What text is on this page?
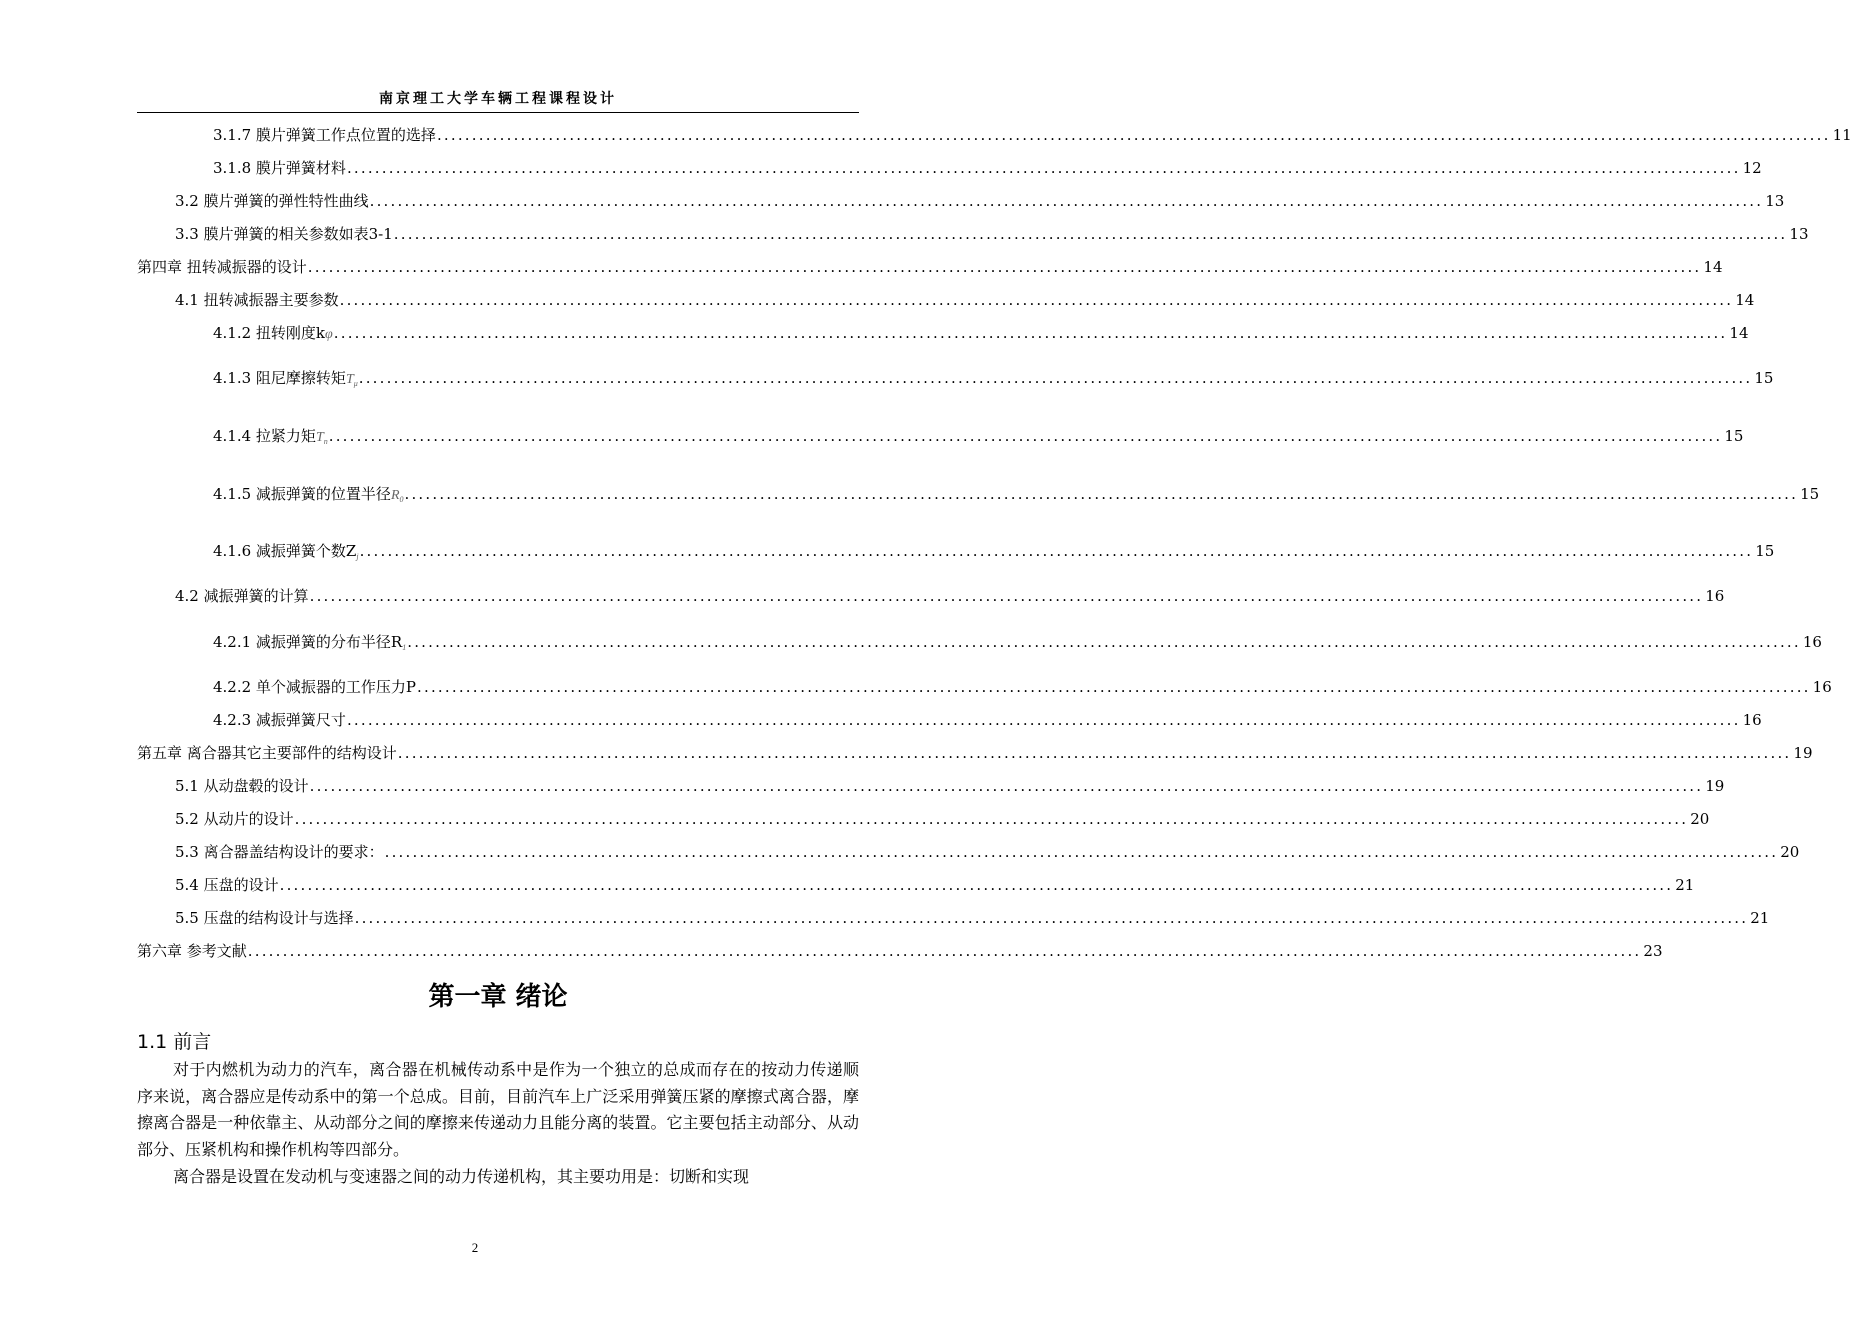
南京理工大学车辆工程课程设计
3.1.7 膜片弹簧工作点位置的选择 ........................................................................................................................................................................................................ 11
3.1.8 膜片弹簧材料 ........................................................................................................................................................................................................ 12
3.2 膜片弹簧的弹性特性曲线 ........................................................................................................................................................................................................ 13
3.3 膜片弹簧的相关参数如表3-1 ........................................................................................................................................................................................................ 13
第四章 扭转减振器的设计 ........................................................................................................................................................................................................ 14
4.1 扭转减振器主要参数 ........................................................................................................................................................................................................ 14
4.1.2 扭转刚度kφ ........................................................................................................................................................................................................ 14
4.1.3 阻尼摩擦转矩$T_\mu$ ........................................................................................................................................................................................................ 15
4.1.4 拉紧力矩$T_n$ ........................................................................................................................................................................................................ 15
4.1.5 减振弹簧的位置半径$R_0$ ........................................................................................................................................................................................................ 15
4.1.6 减振弹簧个数$Z_j$ ........................................................................................................................................................................................................ 15
4.2 减振弹簧的计算 ........................................................................................................................................................................................................ 16
4.2.1 减振弹簧的分布半径$R_1$ ........................................................................................................................................................................................................ 16
4.2.2 单个减振器的工作压力P ........................................................................................................................................................................................................ 16
4.2.3 减振弹簧尺寸 ........................................................................................................................................................................................................ 16
第五章 离合器其它主要部件的结构设计 ........................................................................................................................................................................................................ 19
5.1 从动盘毂的设计 ........................................................................................................................................................................................................ 19
5.2 从动片的设计 ........................................................................................................................................................................................................ 20
5.3 离合器盖结构设计的要求： ........................................................................................................................................................................................................ 20
5.4 压盘的设计 ........................................................................................................................................................................................................ 21
5.5 压盘的结构设计与选择 ........................................................................................................................................................................................................ 21
第六章 参考文献 ........................................................................................................................................................................................................ 23
第一章 绪论
1.1 前言
对于内燃机为动力的汽车，离合器在机械传动系中是作为一个独立的总成而存在的按动力传递顺序来说，离合器应是传动系中的第一个总成。目前，目前汽车上广泛采用弹簧压紧的摩擦式离合器，摩擦离合器是一种依靠主、从动部分之间的摩擦来传递动力且能分离的装置。它主要包括主动部分、从动部分、压紧机构和操作机构等四部分。
离合器是设置在发动机与变速器之间的动力传递机构，其主要功用是：切断和实现
2
